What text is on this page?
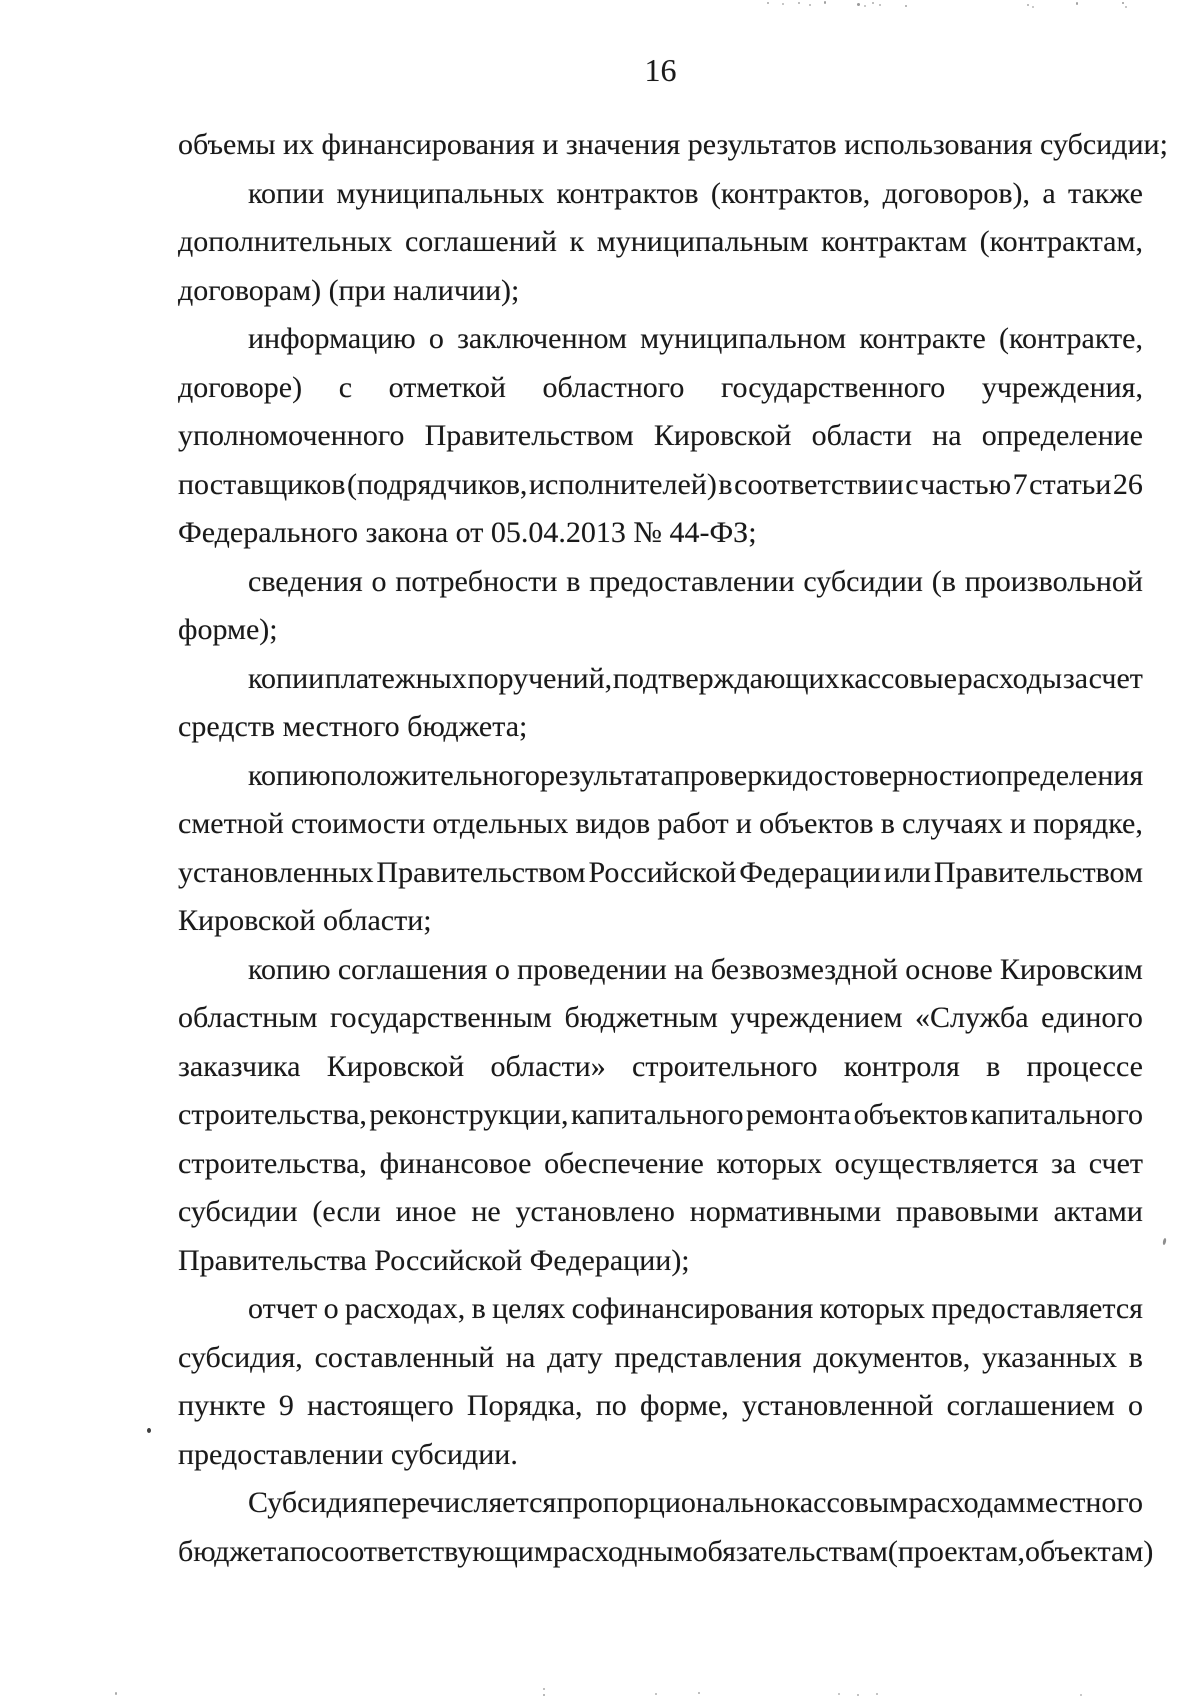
16

объемы их финансирования и значения результатов использования субсидии;

копии муниципальных контрактов (контрактов, договоров), а также
дополнительных соглашений к муниципальным контрактам (контрактам,
договорам) (при наличии);

информацию о заключенном муниципальном контракте (контракте,
договоре) с отметкой областного государственного учреждения,
уполномоченного Правительством Кировской области на определение
поставщиков (подрядчиков, исполнителей) в соответствии с частью 7 статьи 26
Федерального закона от 05.04.2013 № 44-ФЗ;

сведения о потребности в предоставлении субсидии (в произвольной
форме);

копии платежных поручений, подтверждающих кассовые расходы за счет
средств местного бюджета;

копию положительного результата проверки достоверности определения
сметной стоимости отдельных видов работ и объектов в случаях и порядке,
установленных Правительством Российской Федерации или Правительством
Кировской области;

копию соглашения о проведении на безвозмездной основе Кировским
областным государственным бюджетным учреждением «Служба единого
заказчика Кировской области» строительного контроля в процессе
строительства, реконструкции, капитального ремонта объектов капитального
строительства, финансовое обеспечение которых осуществляется за счет
субсидии (если иное не установлено нормативными правовыми актами
Правительства Российской Федерации);

отчет о расходах, в целях софинансирования которых предоставляется
субсидия, составленный на дату представления документов, указанных в
пункте 9 настоящего Порядка, по форме, установленной соглашением о
предоставлении субсидии.

Субсидия перечисляется пропорционально кассовым расходам местного
бюджета по соответствующим расходным обязательствам (проектам, объектам)
